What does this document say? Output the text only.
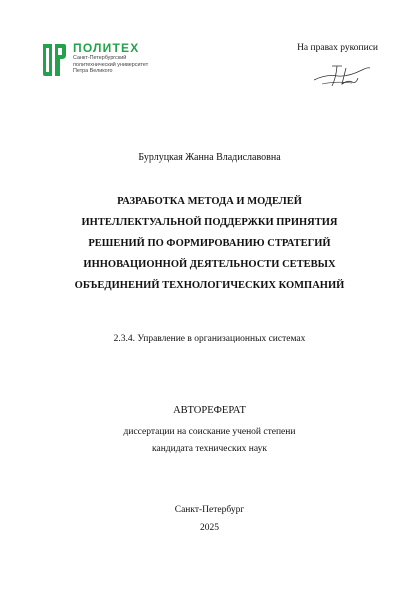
ПОЛИТЕХ
Санкт-Петербургский
политехнический университет
Петра Великого
На правах рукописи
Бурлуцкая Жанна Владиславовна
РАЗРАБОТКА МЕТОДА И МОДЕЛЕЙ
ИНТЕЛЛЕКТУАЛЬНОЙ ПОДДЕРЖКИ ПРИНЯТИЯ
РЕШЕНИЙ ПО ФОРМИРОВАНИЮ СТРАТЕГИЙ
ИННОВАЦИОННОЙ ДЕЯТЕЛЬНОСТИ СЕТЕВЫХ
ОБЪЕДИНЕНИЙ ТЕХНОЛОГИЧЕСКИХ КОМПАНИЙ
2.3.4. Управление в организационных системах
АВТОРЕФЕРАТ
диссертации на соискание ученой степени
кандидата технических наук
Санкт-Петербург
2025
